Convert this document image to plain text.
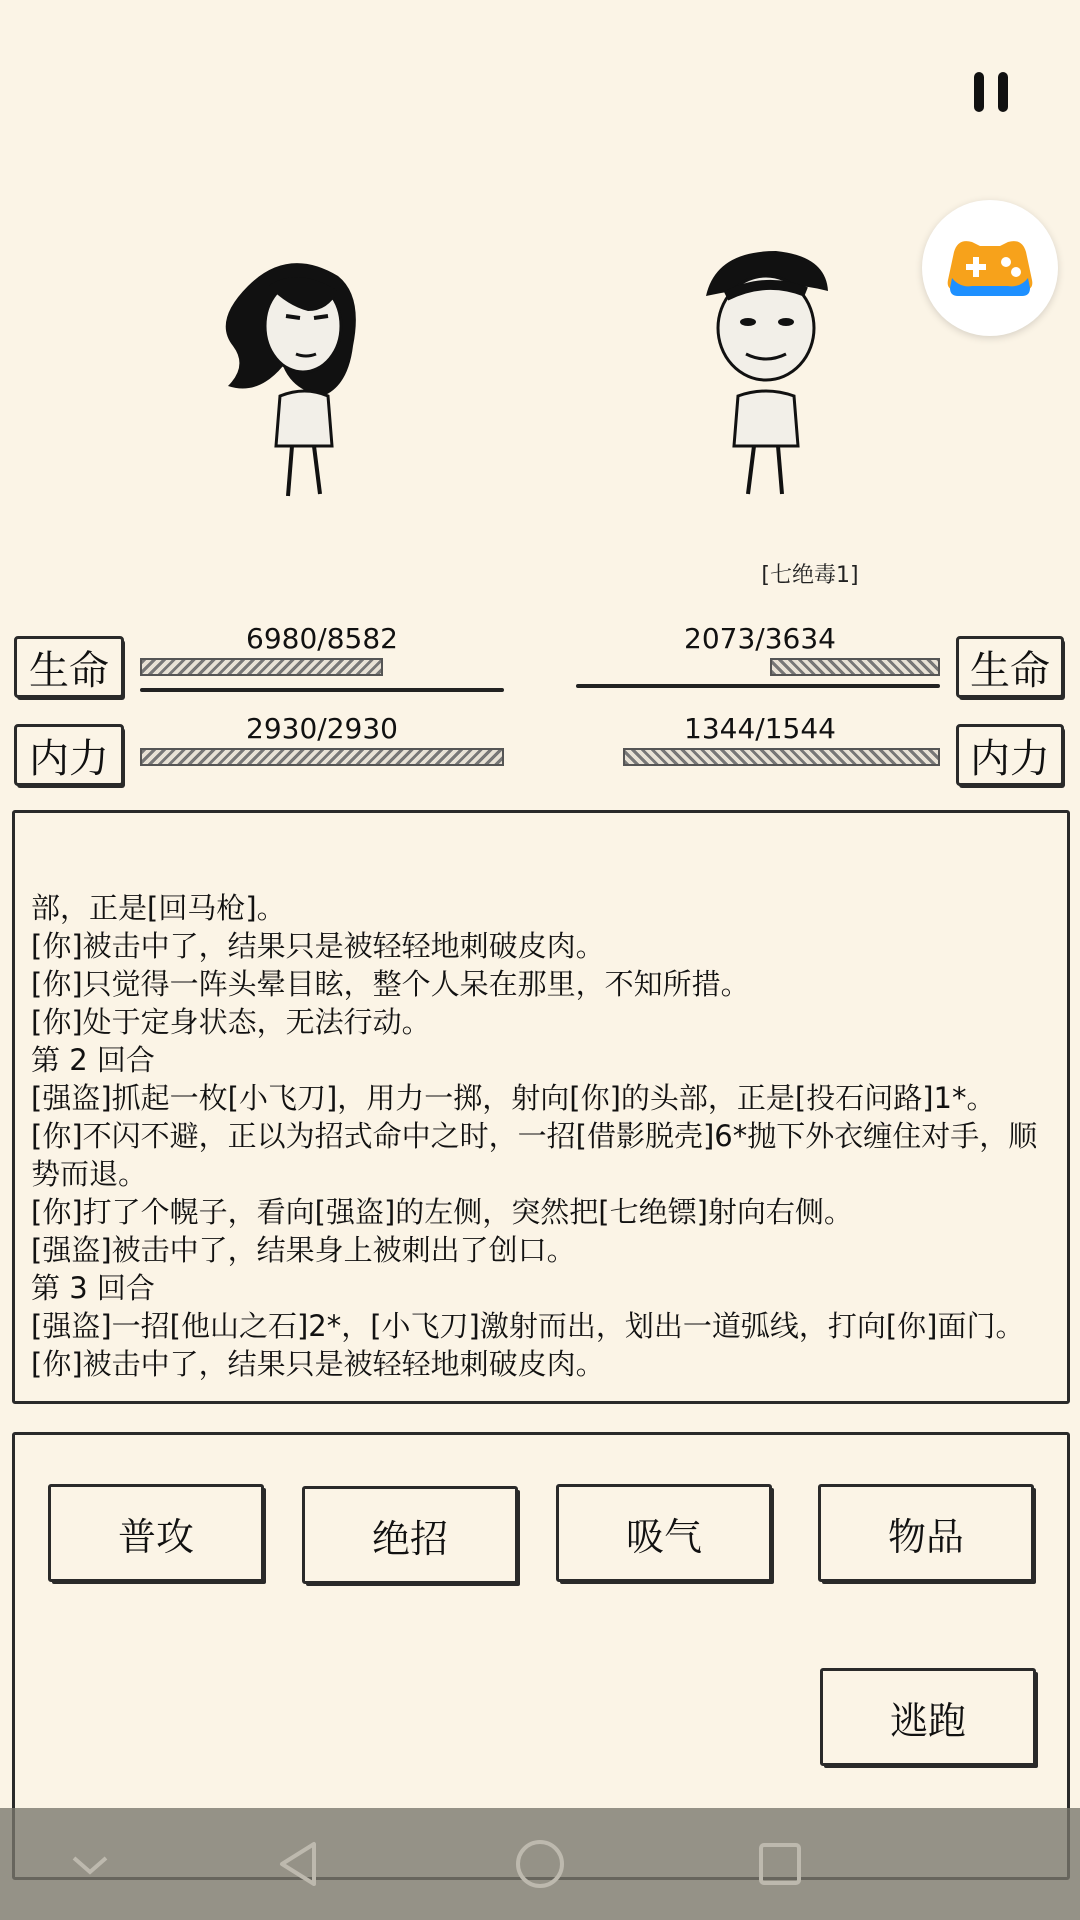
[七绝毒1]
生命
6980/8582
内力
2930/2930
生命
2073/3634
内力
1344/1544
部，正是[回马枪]。
[你]被击中了，结果只是被轻轻地刺破皮肉。
[你]只觉得一阵头晕目眩，整个人呆在那里，不知所措。
[你]处于定身状态，无法行动。
第 2 回合
[强盗]抓起一枚[小飞刀]，用力一掷，射向[你]的头部，正是[投石问路]1*。
[你]不闪不避，正以为招式命中之时，一招[借影脱壳]6*抛下外衣缠住对手，顺势而退。
[你]打了个幌子，看向[强盗]的左侧，突然把[七绝镖]射向右侧。
[强盗]被击中了，结果身上被刺出了创口。
第 3 回合
[强盗]一招[他山之石]2*，[小飞刀]激射而出，划出一道弧线，打向[你]面门。
[你]被击中了，结果只是被轻轻地刺破皮肉。
普攻	绝招	吸气	物品
逃跑
